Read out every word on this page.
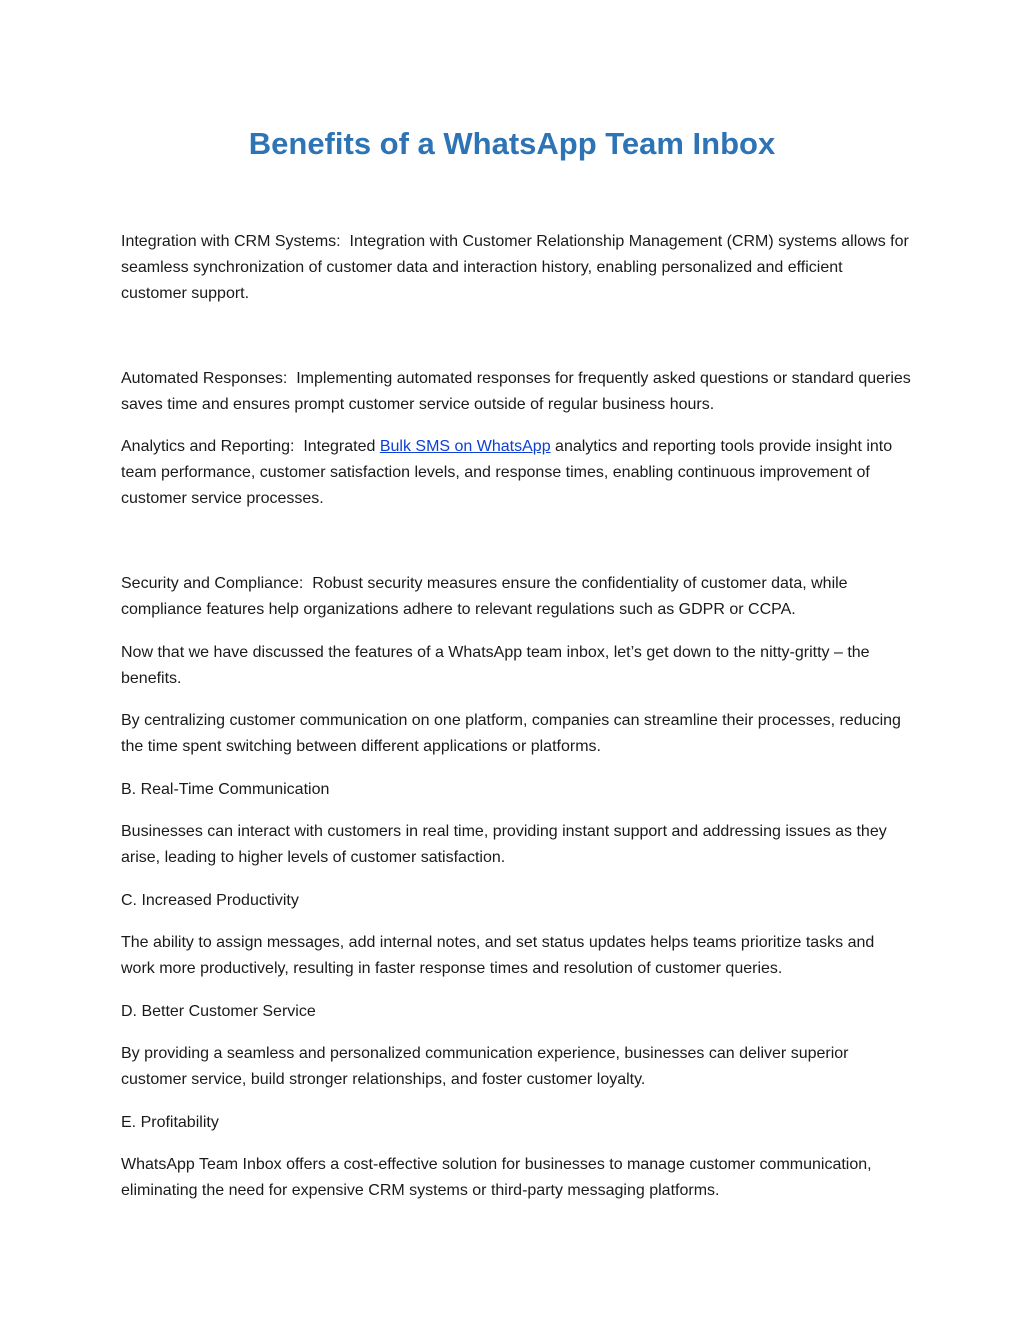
Benefits of a WhatsApp Team Inbox

Integration with CRM Systems: Integration with Customer Relationship Management (CRM) systems allows for seamless synchronization of customer data and interaction history, enabling personalized and efficient customer support.

Automated Responses: Implementing automated responses for frequently asked questions or standard queries saves time and ensures prompt customer service outside of regular business hours.

Analytics and Reporting: Integrated Bulk SMS on WhatsApp analytics and reporting tools provide insight into team performance, customer satisfaction levels, and response times, enabling continuous improvement of customer service processes.

Security and Compliance: Robust security measures ensure the confidentiality of customer data, while compliance features help organizations adhere to relevant regulations such as GDPR or CCPA.

Now that we have discussed the features of a WhatsApp team inbox, let’s get down to the nitty-gritty – the benefits.

By centralizing customer communication on one platform, companies can streamline their processes, reducing the time spent switching between different applications or platforms.

B. Real-Time Communication

Businesses can interact with customers in real time, providing instant support and addressing issues as they arise, leading to higher levels of customer satisfaction.

C. Increased Productivity

The ability to assign messages, add internal notes, and set status updates helps teams prioritize tasks and work more productively, resulting in faster response times and resolution of customer queries.

D. Better Customer Service

By providing a seamless and personalized communication experience, businesses can deliver superior customer service, build stronger relationships, and foster customer loyalty.

E. Profitability

WhatsApp Team Inbox offers a cost-effective solution for businesses to manage customer communication, eliminating the need for expensive CRM systems or third-party messaging platforms.
